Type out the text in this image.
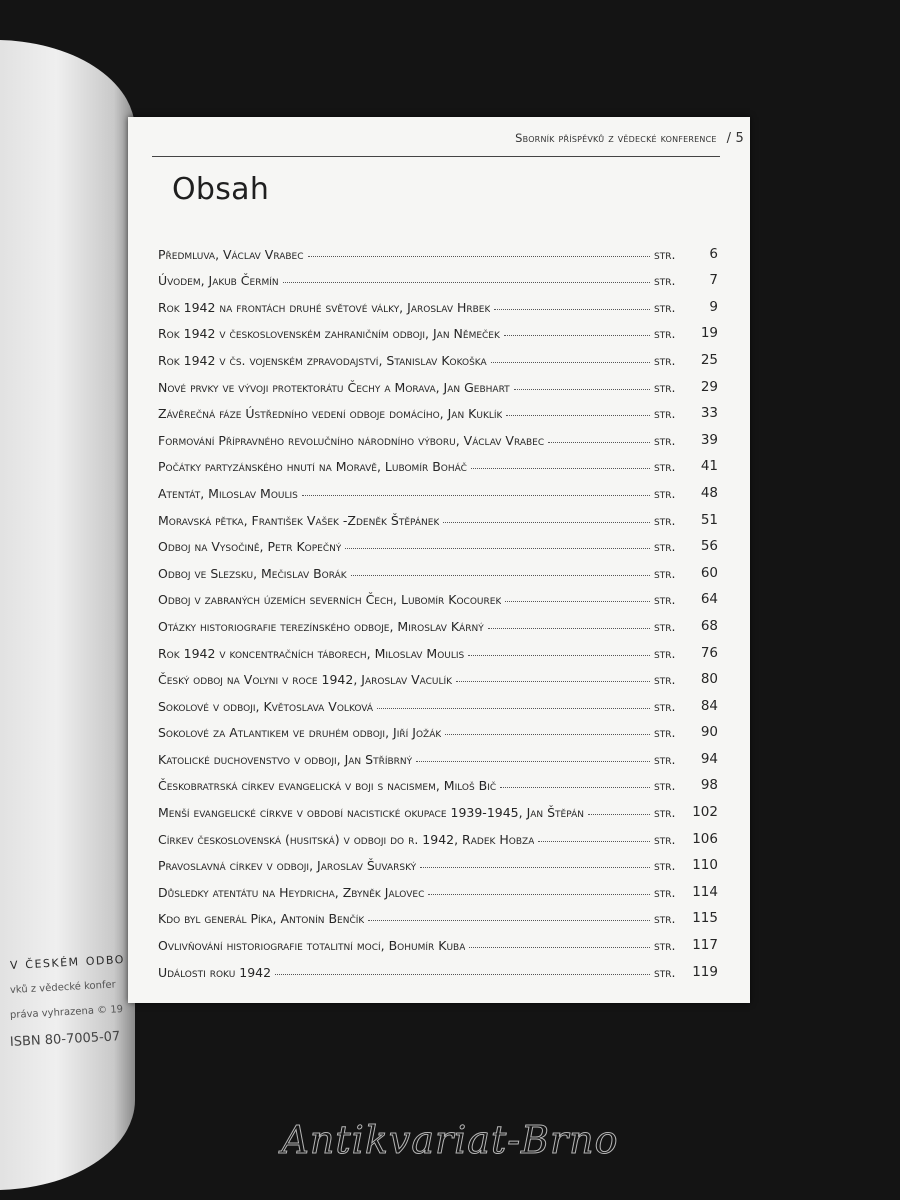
v českém odbo
vků z vědecké konfer
práva vyhrazena © 19
ISBN 80-7005-07
Sborník příspěvků z vědecké konference / 5
Obsah
Předmluva, Václav Vrabec	str.	6
Úvodem, Jakub Čermín	str.	7
Rok 1942 na frontách druhé světové války, Jaroslav Hrbek	str.	9
Rok 1942 v československém zahraničním odboji, Jan Němeček	str.	19
Rok 1942 v čs. vojenském zpravodajství, Stanislav Kokoška	str.	25
Nové prvky ve vývoji protektorátu Čechy a Morava, Jan Gebhart	str.	29
Závěrečná fáze Ústředního vedení odboje domácího, Jan Kuklík	str.	33
Formování Přípravného revolučního národního výboru, Václav Vrabec	str.	39
Počátky partyzánského hnutí na Moravě, Lubomír Boháč	str.	41
Atentát, Miloslav Moulis	str.	48
Moravská pětka, František Vašek -Zdeněk Štěpánek	str.	51
Odboj na Vysočině, Petr Kopečný	str.	56
Odboj ve Slezsku, Mečislav Borák	str.	60
Odboj v zabraných územích severních Čech, Lubomír Kocourek	str.	64
Otázky historiografie terezínského odboje, Miroslav Kárný	str.	68
Rok 1942 v koncentračních táborech, Miloslav Moulis	str.	76
Český odboj na Volyni v roce 1942, Jaroslav Vaculík	str.	80
Sokolové v odboji, Květoslava Volková	str.	84
Sokolové za Atlantikem ve druhém odboji, Jiří Jožák	str.	90
Katolické duchovenstvo v odboji, Jan Stříbrný	str.	94
Českobratrská církev evangelická v boji s nacismem, Miloš Bič	str.	98
Menší evangelické církve v období nacistické okupace 1939-1945, Jan Štěpán	str.	102
Církev československá (husitská) v odboji do r. 1942, Radek Hobza	str.	106
Pravoslavná církev v odboji, Jaroslav Šuvarský	str.	110
Důsledky atentátu na Heydricha, Zbyněk Jalovec	str.	114
Kdo byl generál Píka, Antonín Benčík	str.	115
Ovlivňování historiografie totalitní mocí, Bohumír Kuba	str.	117
Události roku 1942	str.	119
Antikvariat-Brno
